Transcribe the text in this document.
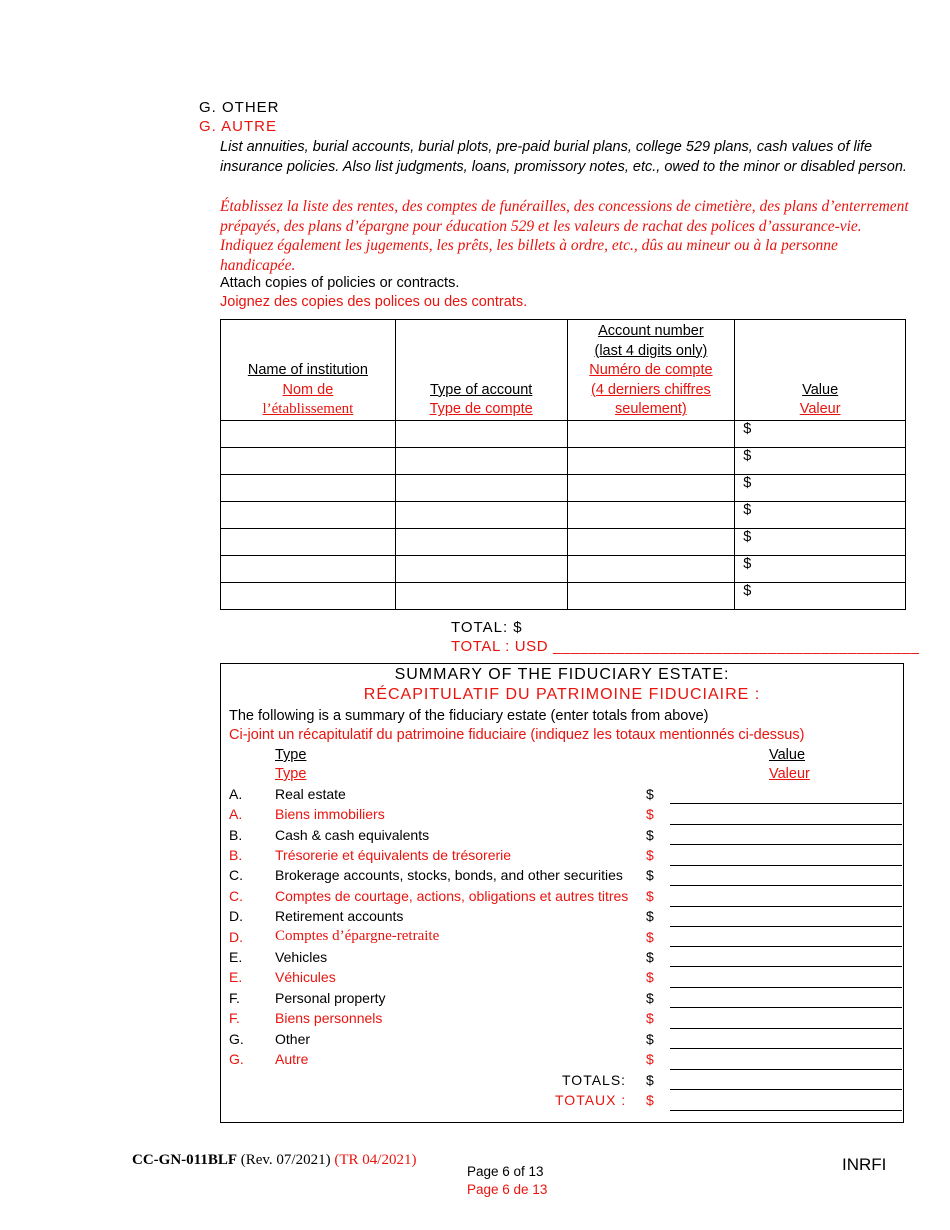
G. OTHER
G. AUTRE
List annuities, burial accounts, burial plots, pre-paid burial plans, college 529 plans, cash values of life insurance policies. Also list judgments, loans, promissory notes, etc., owed to the minor or disabled person.
Établissez la liste des rentes, des comptes de funérailles, des concessions de cimetière, des plans d’enterrement prépayés, des plans d’épargne pour éducation 529 et les valeurs de rachat des polices d’assurance-vie. Indiquez également les jugements, les prêts, les billets à ordre, etc., dûs au mineur ou à la personne handicapée.
Attach copies of policies or contracts.
Joignez des copies des polices ou des contrats.
Name of institution
Nom de
l’établissement	Type of account
Type de compte	Account number
(last 4 digits only)
Numéro de compte
(4 derniers chiffres
seulement)	Value
Valeur
			$
			$
			$
			$
			$
			$
			$
TOTAL: $
TOTAL : USD _________________________________________
SUMMARY OF THE FIDUCIARY ESTATE:
RÉCAPITULATIF DU PATRIMOINE FIDUCIAIRE :
The following is a summary of the fiduciary estate (enter totals from above)
Ci-joint un récapitulatif du patrimoine fiduciaire (indiquez les totaux mentionnés ci-dessus)
Type
Type
Value
Valeur
A. Real estate	$
A. Biens immobiliers	$
B. Cash & cash equivalents	$
B. Trésorerie et équivalents de trésorerie	$
C. Brokerage accounts, stocks, bonds, and other securities $
C. Comptes de courtage, actions, obligations et autres titres $
D. Retirement accounts	$
D. Comptes d’épargne-retraite	$
E. Vehicles	$
E. Véhicules	$
F.	Personal property	$
F.	Biens personnels	$
G. Other	$
G. Autre	$
TOTALS: $
TOTAUX : $
CC-GN-011BLF (Rev. 07/2021) (TR 04/2021)
Page 6 of 13
Page 6 de 13
INRFI
